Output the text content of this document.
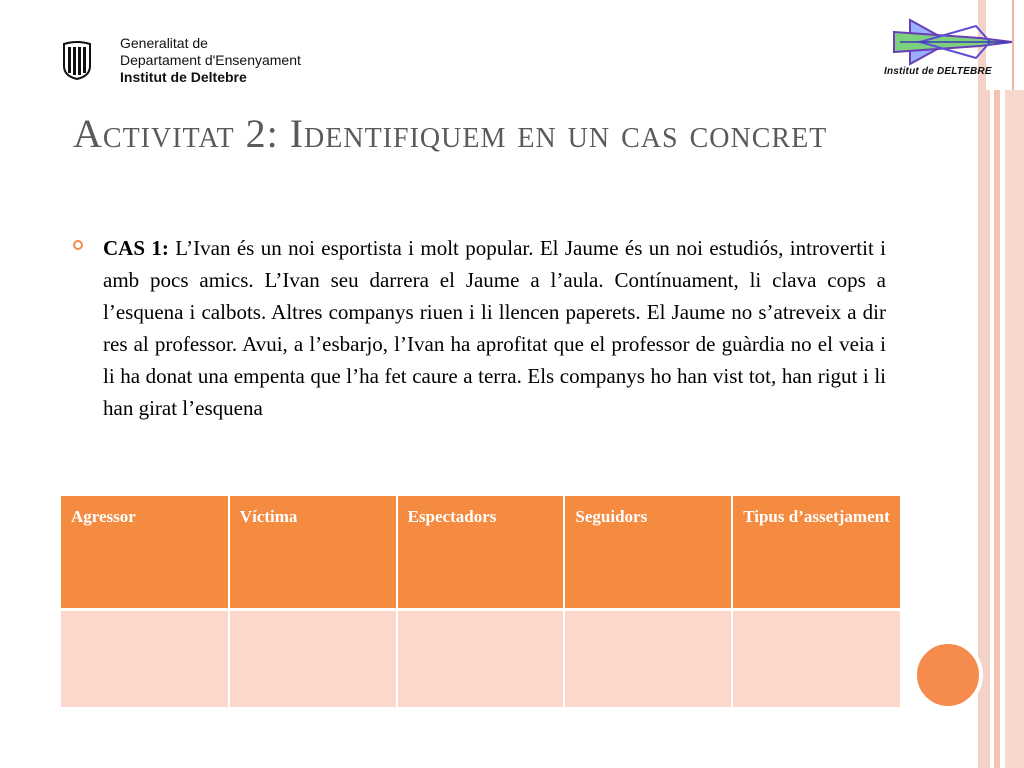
Generalitat de
Departament d'Ensenyament
Institut de Deltebre	Institut de DELTEBRE
Activitat 2: Identifiquem en un cas concret
CAS 1: L’Ivan és un noi esportista i molt popular. El Jaume és un noi estudiós, introvertit i amb pocs amics. L’Ivan seu darrera el Jaume a l’aula. Contínuament, li clava cops a l’esquena i calbots. Altres companys riuen i li llencen paperets. El Jaume no s’atreveix a dir res al professor. Avui, a l’esbarjo, l’Ivan ha aprofitat que el professor de guàrdia no el veia i li ha donat una empenta que l’ha fet caure a terra. Els companys ho han vist tot, han rigut i li han girat l’esquena
Agressor	Víctima	Espectadors	Seguidors	Tipus d’assetjament
